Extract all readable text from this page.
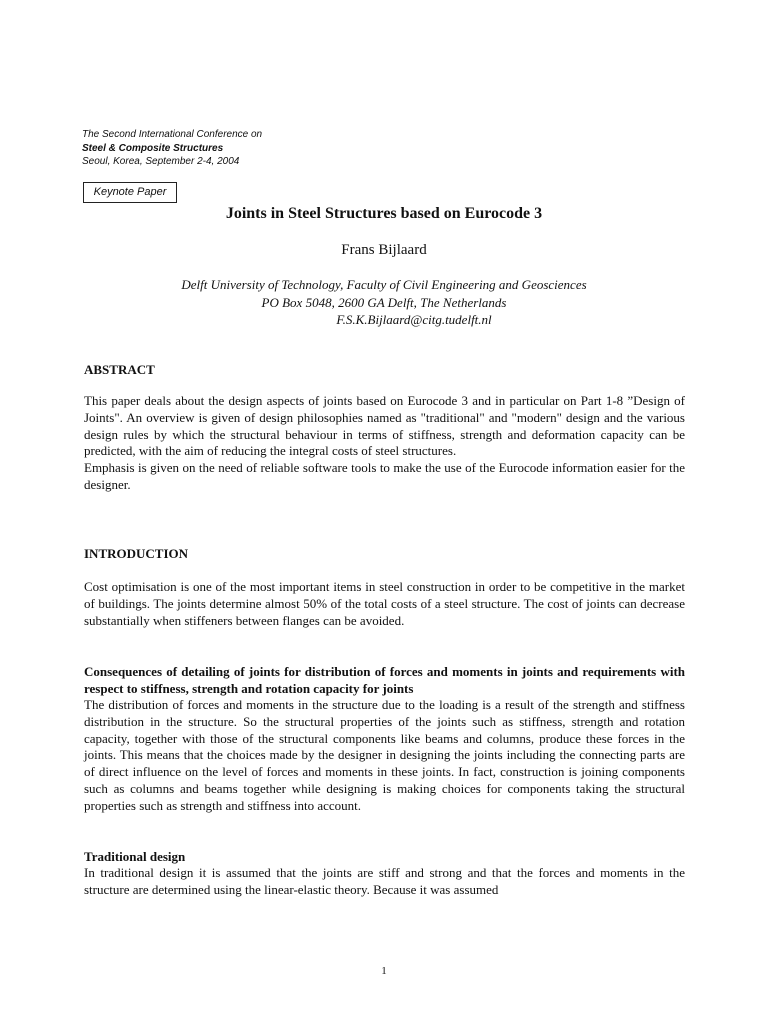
The Second International Conference on
Steel & Composite Structures
Seoul, Korea, September 2-4, 2004
Keynote Paper
Joints in Steel Structures based on Eurocode 3
Frans Bijlaard
Delft University of Technology, Faculty of Civil Engineering and Geosciences
PO Box 5048, 2600 GA Delft, The Netherlands
F.S.K.Bijlaard@citg.tudelft.nl
ABSTRACT

This paper deals about the design aspects of joints based on Eurocode 3 and in particular on Part 1-8 ”Design of Joints". An overview is given of design philosophies named as "traditional" and "modern" design and the various design rules by which the structural behaviour in terms of stiffness, strength and deformation capacity can be predicted, with the aim of reducing the integral costs of steel structures.

Emphasis is given on the need of reliable software tools to make the use of the Eurocode information easier for the designer.

INTRODUCTION

Cost optimisation is one of the most important items in steel construction in order to be competitive in the market of buildings. The joints determine almost 50% of the total costs of a steel structure. The cost of joints can decrease substantially when stiffeners between flanges can be avoided.

Consequences of detailing of joints for distribution of forces and moments in joints and requirements with respect to stiffness, strength and rotation capacity for joints

The distribution of forces and moments in the structure due to the loading is a result of the strength and stiffness distribution in the structure. So the structural properties of the joints such as stiffness, strength and rotation capacity, together with those of the structural components like beams and columns, produce these forces in the joints. This means that the choices made by the designer in designing the joints including the connecting parts are of direct influence on the level of forces and moments in these joints. In fact, construction is joining components such as columns and beams together while designing is making choices for components taking the structural properties such as strength and stiffness into account.

Traditional design

In traditional design it is assumed that the joints are stiff and strong and that the forces and moments in the structure are determined using the linear-elastic theory. Because it was assumed

1
